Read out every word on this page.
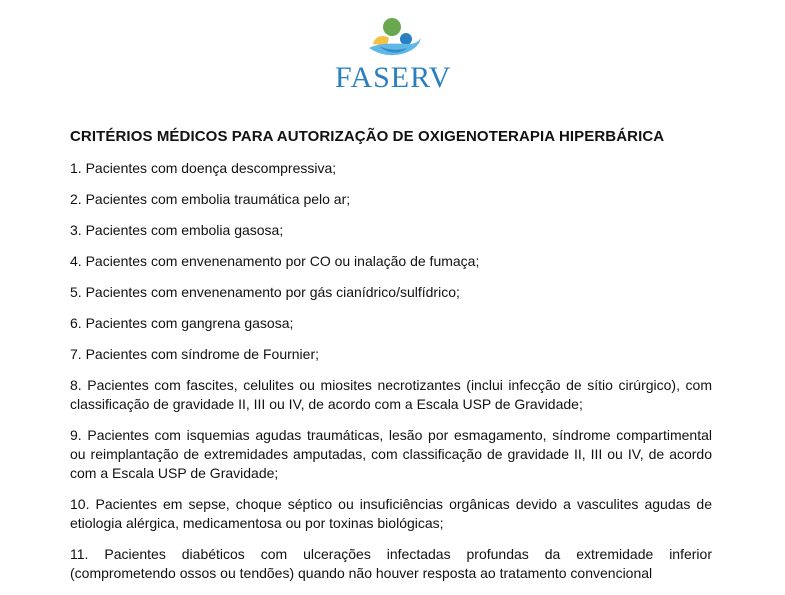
FASERV
CRITÉRIOS MÉDICOS PARA AUTORIZAÇÃO DE OXIGENOTERAPIA HIPERBÁRICA
1. Pacientes com doença descompressiva;
2. Pacientes com embolia traumática pelo ar;
3. Pacientes com embolia gasosa;
4. Pacientes com envenenamento por CO ou inalação de fumaça;
5. Pacientes com envenenamento por gás cianídrico/sulfídrico;
6. Pacientes com gangrena gasosa;
7. Pacientes com síndrome de Fournier;
8. Pacientes com fascites, celulites ou miosites necrotizantes (inclui infecção de sítio cirúrgico), com classificação de gravidade II, III ou IV, de acordo com a Escala USP de Gravidade;
9. Pacientes com isquemias agudas traumáticas, lesão por esmagamento, síndrome compartimental ou reimplantação de extremidades amputadas, com classificação de gravidade II, III ou IV, de acordo com a Escala USP de Gravidade;
10. Pacientes em sepse, choque séptico ou insuficiências orgânicas devido a vasculites agudas de etiologia alérgica, medicamentosa ou por toxinas biológicas;
11. Pacientes diabéticos com ulcerações infectadas profundas da extremidade inferior (comprometendo ossos ou tendões) quando não houver resposta ao tratamento convencional
